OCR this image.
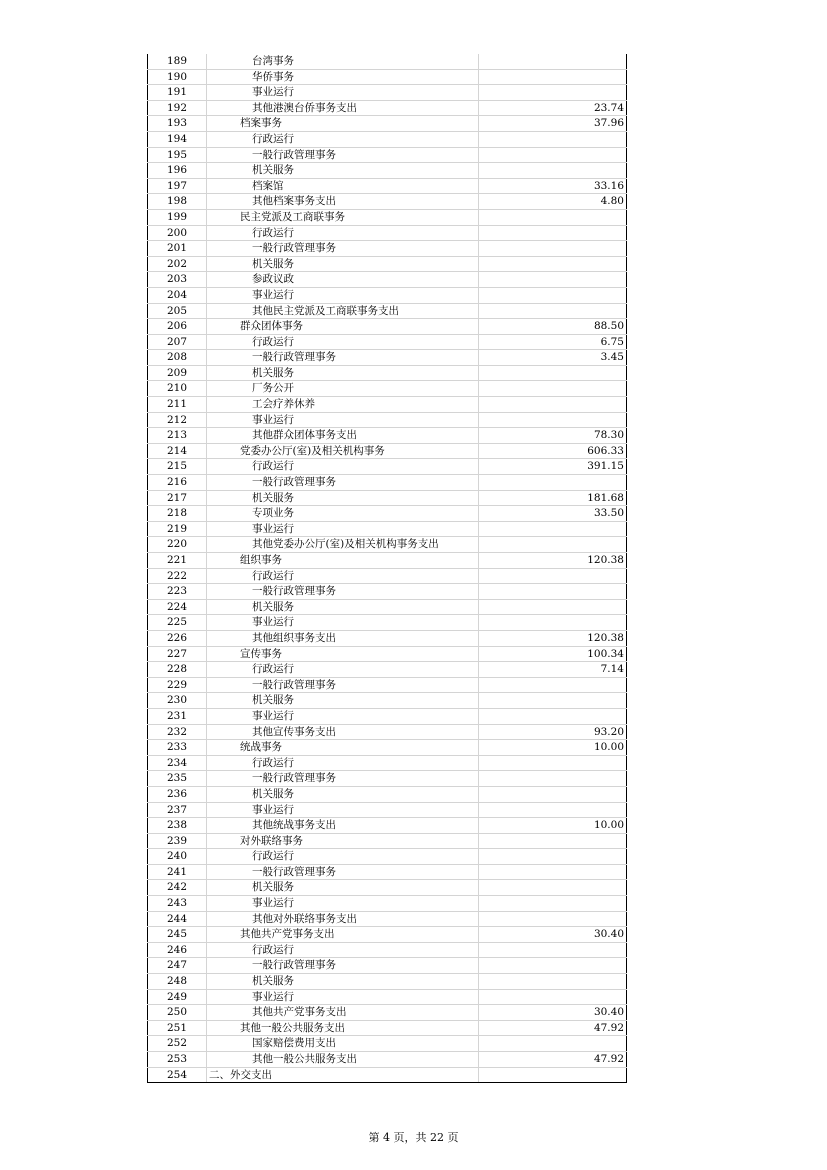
189	台湾事务
190	华侨事务
191	事业运行
192	其他港澳台侨事务支出	23.74
193	档案事务	37.96
194	行政运行
195	一般行政管理事务
196	机关服务
197	档案馆	33.16
198	其他档案事务支出	4.80
199	民主党派及工商联事务
200	行政运行
201	一般行政管理事务
202	机关服务
203	参政议政
204	事业运行
205	其他民主党派及工商联事务支出
206	群众团体事务	88.50
207	行政运行	6.75
208	一般行政管理事务	3.45
209	机关服务
210	厂务公开
211	工会疗养休养
212	事业运行
213	其他群众团体事务支出	78.30
214	党委办公厅(室)及相关机构事务	606.33
215	行政运行	391.15
216	一般行政管理事务
217	机关服务	181.68
218	专项业务	33.50
219	事业运行
220	其他党委办公厅(室)及相关机构事务支出
221	组织事务	120.38
222	行政运行
223	一般行政管理事务
224	机关服务
225	事业运行
226	其他组织事务支出	120.38
227	宣传事务	100.34
228	行政运行	7.14
229	一般行政管理事务
230	机关服务
231	事业运行
232	其他宣传事务支出	93.20
233	统战事务	10.00
234	行政运行
235	一般行政管理事务
236	机关服务
237	事业运行
238	其他统战事务支出	10.00
239	对外联络事务
240	行政运行
241	一般行政管理事务
242	机关服务
243	事业运行
244	其他对外联络事务支出
245	其他共产党事务支出	30.40
246	行政运行
247	一般行政管理事务
248	机关服务
249	事业运行
250	其他共产党事务支出	30.40
251	其他一般公共服务支出	47.92
252	国家赔偿费用支出
253	其他一般公共服务支出	47.92
254	二、外交支出
第 4 页，共 22 页
